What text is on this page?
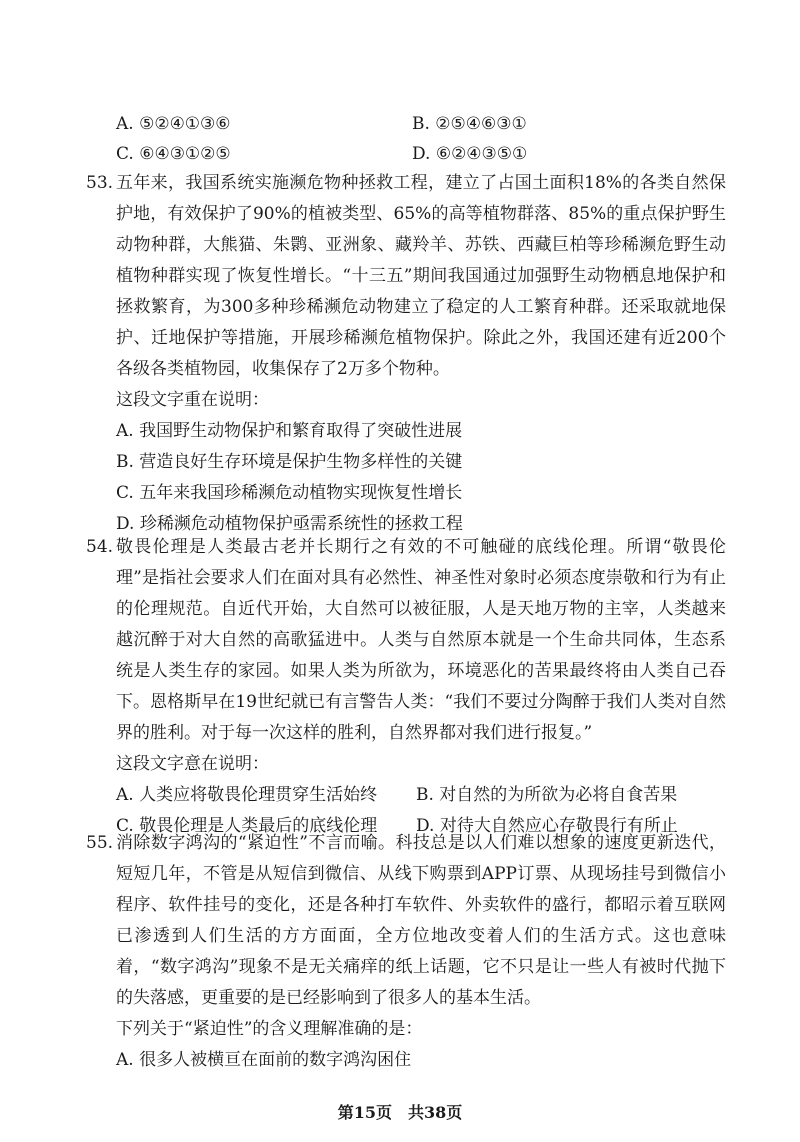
A. ⑤②④①③⑥	B. ②⑤④⑥③①
C. ⑥④③①②⑤	D. ⑥②④③⑤①
53. 五年来，我国系统实施濒危物种拯救工程，建立了占国土面积18%的各类自然保护地，有效保护了90%的植被类型、65%的高等植物群落、85%的重点保护野生动物种群，大熊猫、朱鹮、亚洲象、藏羚羊、苏铁、西藏巨柏等珍稀濒危野生动植物种群实现了恢复性增长。“十三五”期间我国通过加强野生动物栖息地保护和拯救繁育，为300多种珍稀濒危动物建立了稳定的人工繁育种群。还采取就地保护、迁地保护等措施，开展珍稀濒危植物保护。除此之外，我国还建有近200个各级各类植物园，收集保存了2万多个物种。
这段文字重在说明：
A. 我国野生动物保护和繁育取得了突破性进展
B. 营造良好生存环境是保护生物多样性的关键
C. 五年来我国珍稀濒危动植物实现恢复性增长
D. 珍稀濒危动植物保护亟需系统性的拯救工程
54. 敬畏伦理是人类最古老并长期行之有效的不可触碰的底线伦理。所谓“敬畏伦理”是指社会要求人们在面对具有必然性、神圣性对象时必须态度崇敬和行为有止的伦理规范。自近代开始，大自然可以被征服，人是天地万物的主宰，人类越来越沉醉于对大自然的高歌猛进中。人类与自然原本就是一个生命共同体，生态系统是人类生存的家园。如果人类为所欲为，环境恶化的苦果最终将由人类自己吞下。恩格斯早在19世纪就已有言警告人类：“我们不要过分陶醉于我们人类对自然界的胜利。对于每一次这样的胜利，自然界都对我们进行报复。”
这段文字意在说明：
A. 人类应将敬畏伦理贯穿生活始终 B. 对自然的为所欲为必将自食苦果
C. 敬畏伦理是人类最后的底线伦理 D. 对待大自然应心存敬畏行有所止
55. 消除数字鸿沟的“紧迫性”不言而喻。科技总是以人们难以想象的速度更新迭代，短短几年，不管是从短信到微信、从线下购票到APP订票、从现场挂号到微信小程序、软件挂号的变化，还是各种打车软件、外卖软件的盛行，都昭示着互联网已渗透到人们生活的方方面面，全方位地改变着人们的生活方式。这也意味着，“数字鸿沟”现象不是无关痛痒的纸上话题，它不只是让一些人有被时代抛下的失落感，更重要的是已经影响到了很多人的基本生活。
下列关于“紧迫性”的含义理解准确的是：
A. 很多人被横亘在面前的数字鸿沟困住
第15页　共38页
